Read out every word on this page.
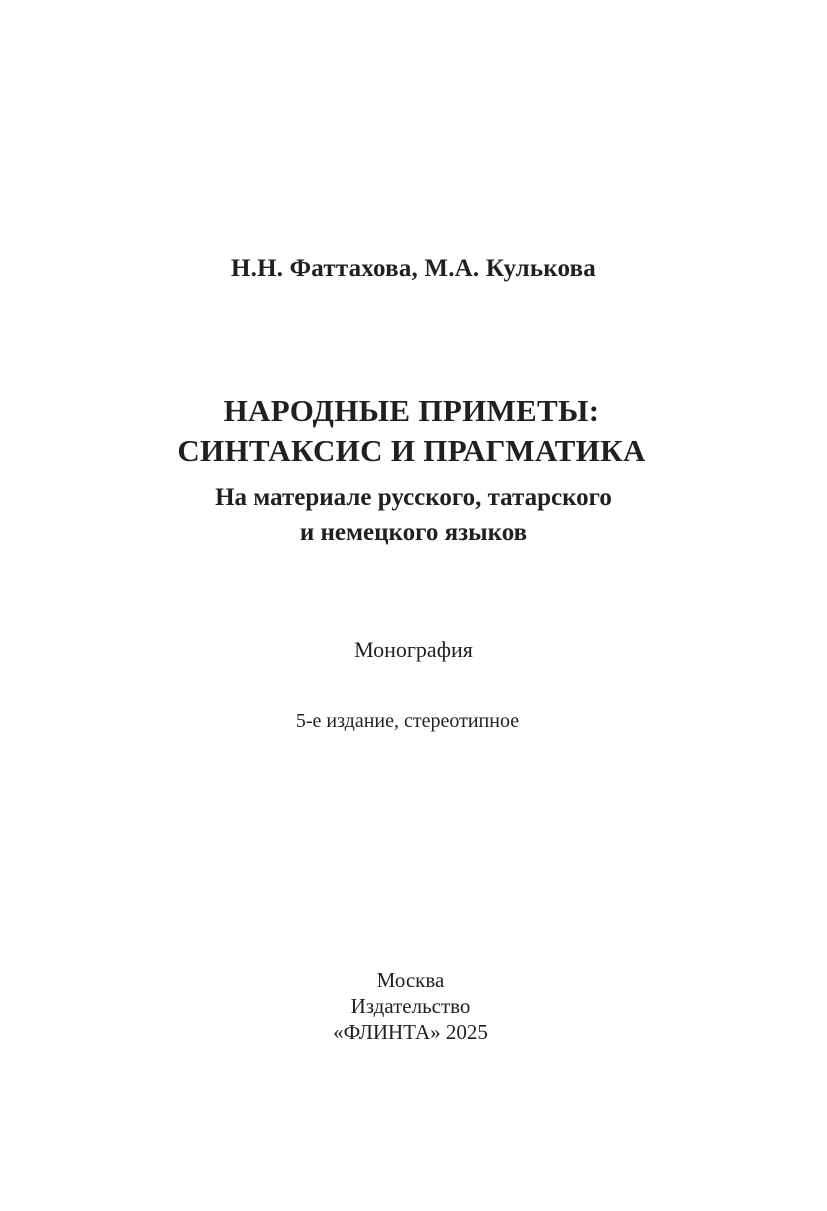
Н.Н. Фаттахова, М.А. Кулькова
НАРОДНЫЕ ПРИМЕТЫ:
СИНТАКСИС И ПРАГМАТИКА
На материале русского, татарского
и немецкого языков
Монография
5-е издание, стереотипное
Москва
Издательство
«ФЛИНТА» 2025
